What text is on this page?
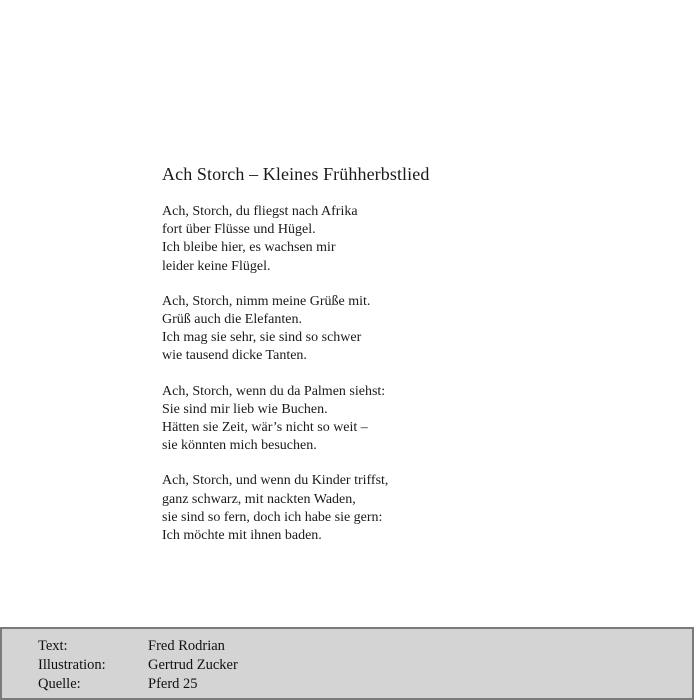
Ach Storch – Kleines Frühherbstlied
Ach, Storch, du fliegst nach Afrika
fort über Flüsse und Hügel.
Ich bleibe hier, es wachsen mir
leider keine Flügel.
Ach, Storch, nimm meine Grüße mit.
Grüß auch die Elefanten.
Ich mag sie sehr, sie sind so schwer
wie tausend dicke Tanten.
Ach, Storch, wenn du da Palmen siehst:
Sie sind mir lieb wie Buchen.
Hätten sie Zeit, wär’s nicht so weit –
sie könnten mich besuchen.
Ach, Storch, und wenn du Kinder triffst,
ganz schwarz, mit nackten Waden,
sie sind so fern, doch ich habe sie gern:
Ich möchte mit ihnen baden.
Text:	Fred Rodrian
Illustration:	Gertrud Zucker
Quelle:	Pferd 25
